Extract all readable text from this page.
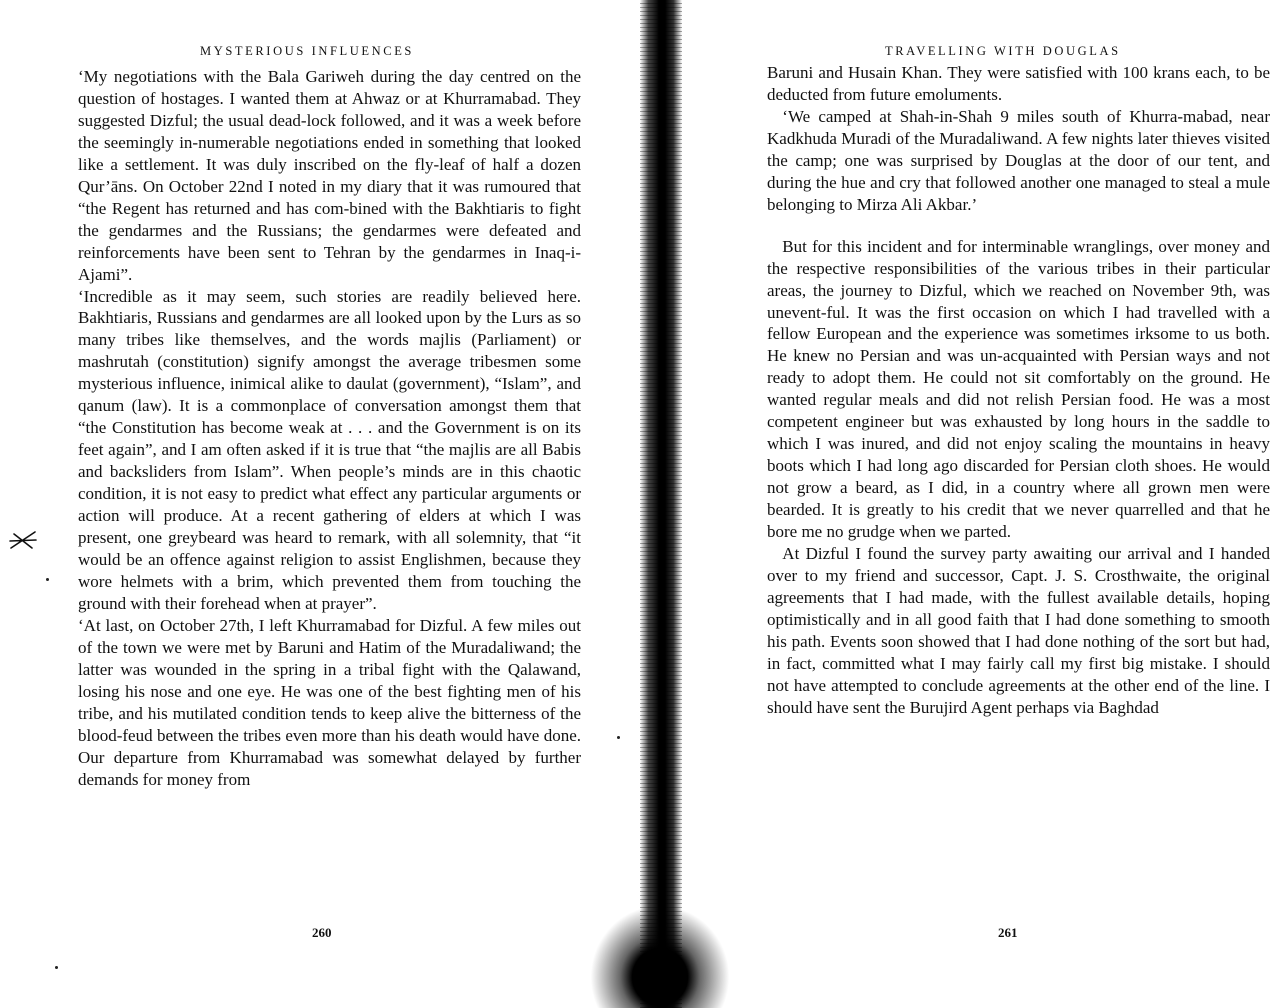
MYSTERIOUS INFLUENCES

‘My negotiations with the Bala Gariweh during the day centred on the question of hostages. I wanted them at Ahwaz or at Khurramabad. They suggested Dizful; the usual dead-lock followed, and it was a week before the seemingly in-numerable negotiations ended in something that looked like a settlement. It was duly inscribed on the fly-leaf of half a dozen Qur’āns. On October 22nd I noted in my diary that it was rumoured that “the Regent has returned and has com-bined with the Bakhtiaris to fight the gendarmes and the Russians; the gendarmes were defeated and reinforcements have been sent to Tehran by the gendarmes in Inaq-i-Ajami”.

‘Incredible as it may seem, such stories are readily believed here. Bakhtiaris, Russians and gendarmes are all looked upon by the Lurs as so many tribes like themselves, and the words majlis (Parliament) or mashrutah (constitution) signify amongst the average tribesmen some mysterious influence, inimical alike to daulat (government), “Islam”, and qanum (law). It is a commonplace of conversation amongst them that “the Constitution has become weak at . . . and the Government is on its feet again”, and I am often asked if it is true that “the majlis are all Babis and backsliders from Islam”. When people’s minds are in this chaotic condition, it is not easy to predict what effect any particular arguments or action will produce. At a recent gathering of elders at which I was present, one greybeard was heard to remark, with all solemnity, that “it would be an offence against religion to assist Englishmen, because they wore helmets with a brim, which prevented them from touching the ground with their forehead when at prayer”.

‘At last, on October 27th, I left Khurramabad for Dizful. A few miles out of the town we were met by Baruni and Hatim of the Muradaliwand; the latter was wounded in the spring in a tribal fight with the Qalawand, losing his nose and one eye. He was one of the best fighting men of his tribe, and his mutilated condition tends to keep alive the bitterness of the blood-feud between the tribes even more than his death would have done. Our departure from Khurramabad was somewhat delayed by further demands for money from

260
TRAVELLING WITH DOUGLAS

Baruni and Husain Khan. They were satisfied with 100 krans each, to be deducted from future emoluments.

‘We camped at Shah-in-Shah 9 miles south of Khurra-mabad, near Kadkhuda Muradi of the Muradaliwand. A few nights later thieves visited the camp; one was surprised by Douglas at the door of our tent, and during the hue and cry that followed another one managed to steal a mule belonging to Mirza Ali Akbar.’

But for this incident and for interminable wranglings, over money and the respective responsibilities of the various tribes in their particular areas, the journey to Dizful, which we reached on November 9th, was unevent-ful. It was the first occasion on which I had travelled with a fellow European and the experience was sometimes irksome to us both. He knew no Persian and was un-acquainted with Persian ways and not ready to adopt them. He could not sit comfortably on the ground. He wanted regular meals and did not relish Persian food. He was a most competent engineer but was exhausted by long hours in the saddle to which I was inured, and did not enjoy scaling the mountains in heavy boots which I had long ago discarded for Persian cloth shoes. He would not grow a beard, as I did, in a country where all grown men were bearded. It is greatly to his credit that we never quarrelled and that he bore me no grudge when we parted.

At Dizful I found the survey party awaiting our arrival and I handed over to my friend and successor, Capt. J. S. Crosthwaite, the original agreements that I had made, with the fullest available details, hoping optimistically and in all good faith that I had done something to smooth his path. Events soon showed that I had done nothing of the sort but had, in fact, committed what I may fairly call my first big mistake. I should not have attempted to conclude agreements at the other end of the line. I should have sent the Burujird Agent perhaps via Baghdad

261
